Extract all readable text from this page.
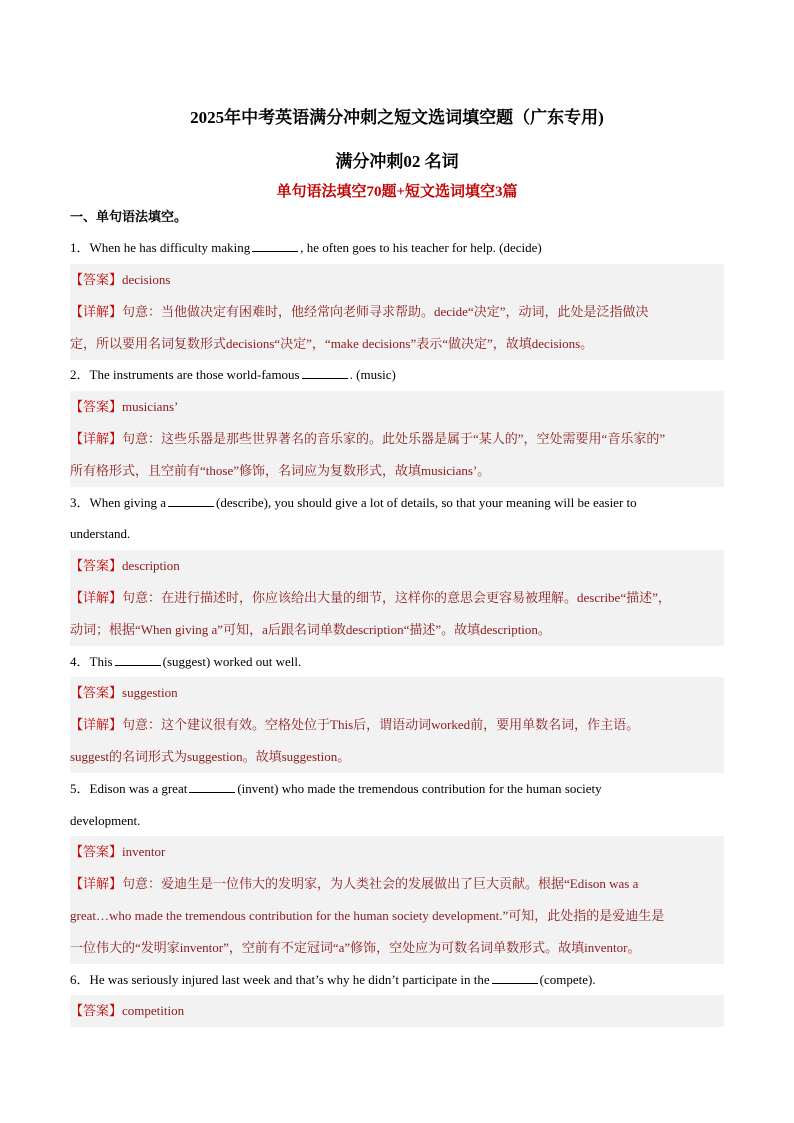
2025年中考英语满分冲刺之短文选词填空题（广东专用)
满分冲刺02 名词
单句语法填空70题+短文选词填空3篇
一、单句语法填空。
1．When he has difficulty making	, he often goes to his teacher for help. (decide)
【答案】decisions
【详解】句意：当他做决定有困难时，他经常向老师寻求帮助。decide“决定”，动词，此处是泛指做决
定，所以要用名词复数形式decisions“决定”，“make decisions”表示“做决定”，故填decisions。
2．The instruments are those world-famous	. (music)
【答案】musicians’
【详解】句意：这些乐器是那些世界著名的音乐家的。此处乐器是属于“某人的”，空处需要用“音乐家的”
所有格形式，且空前有“those”修饰，名词应为复数形式，故填musicians’。
3．When giving a	(describe), you should give a lot of details, so that your meaning will be easier to
understand.
【答案】description
【详解】句意：在进行描述时，你应该给出大量的细节，这样你的意思会更容易被理解。describe“描述”，
动词；根据“When giving a”可知，a后跟名词单数description“描述”。故填description。
4．This	(suggest) worked out well.
【答案】suggestion
【详解】句意：这个建议很有效。空格处位于This后，谓语动词worked前，要用单数名词，作主语。
suggest的名词形式为suggestion。故填suggestion。
5．Edison was a great	(invent) who made the tremendous contribution for the human society
development.
【答案】inventor
【详解】句意：爱迪生是一位伟大的发明家，为人类社会的发展做出了巨大贡献。根据“Edison was a
great…who made the tremendous contribution for the human society development.”可知，此处指的是爱迪生是
一位伟大的“发明家inventor”，空前有不定冠词“a”修饰，空处应为可数名词单数形式。故填inventor。
6．He was seriously injured last week and that’s why he didn’t participate in the	(compete).
【答案】competition
